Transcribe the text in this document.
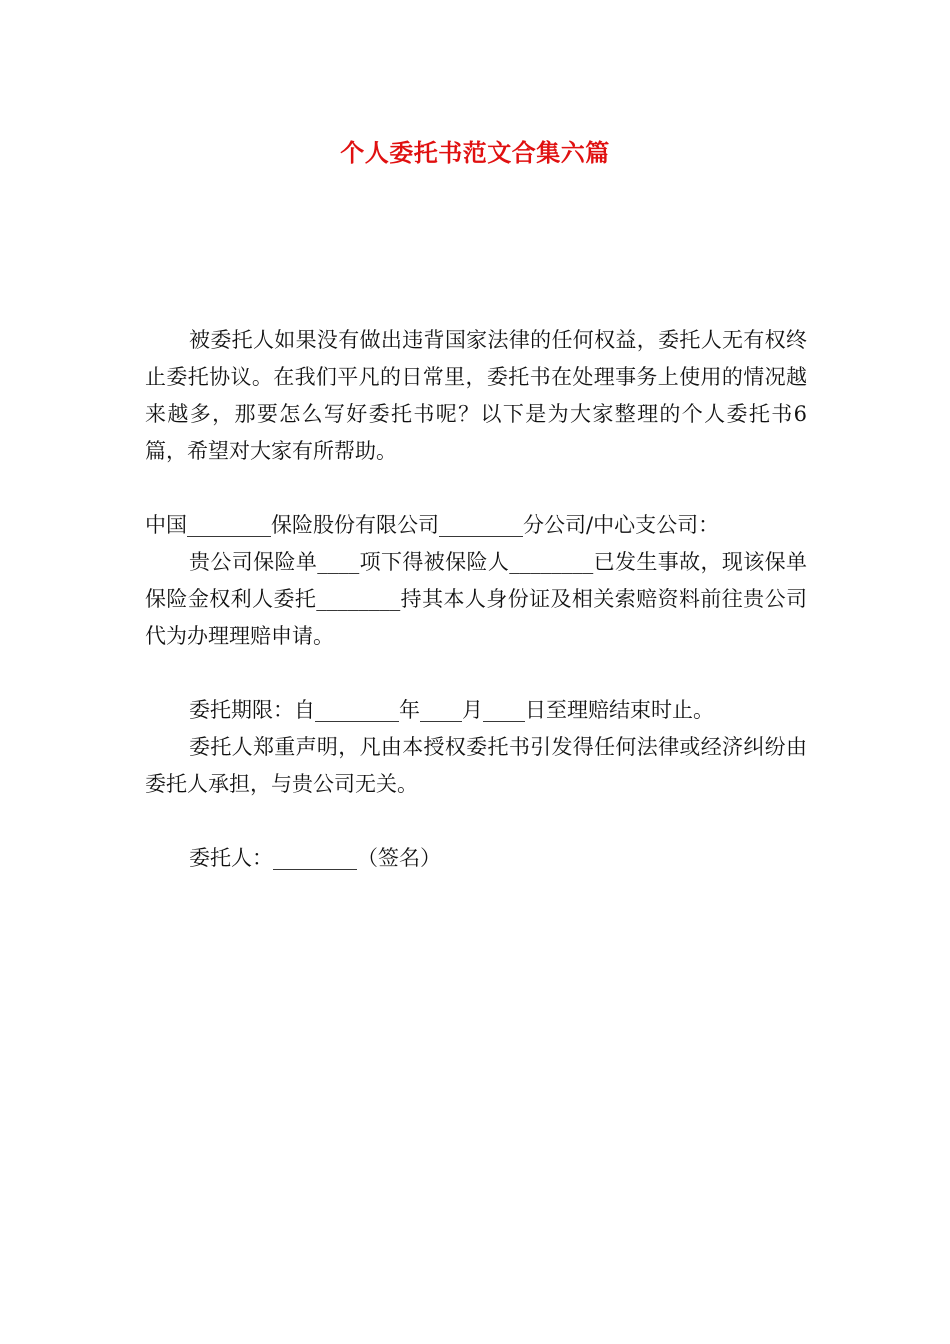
个人委托书范文合集六篇

被委托人如果没有做出违背国家法律的任何权益，委托人无有权终止委托协议。在我们平凡的日常里，委托书在处理事务上使用的情况越来越多，那要怎么写好委托书呢？以下是为大家整理的个人委托书6篇，希望对大家有所帮助。

中国________保险股份有限公司________分公司/中心支公司：

贵公司保险单____项下得被保险人________已发生事故，现该保单保险金权利人委托________持其本人身份证及相关索赔资料前往贵公司代为办理理赔申请。

委托期限：自________年____月____日至理赔结束时止。

委托人郑重声明，凡由本授权委托书引发得任何法律或经济纠纷由委托人承担，与贵公司无关。

委托人：________（签名）
